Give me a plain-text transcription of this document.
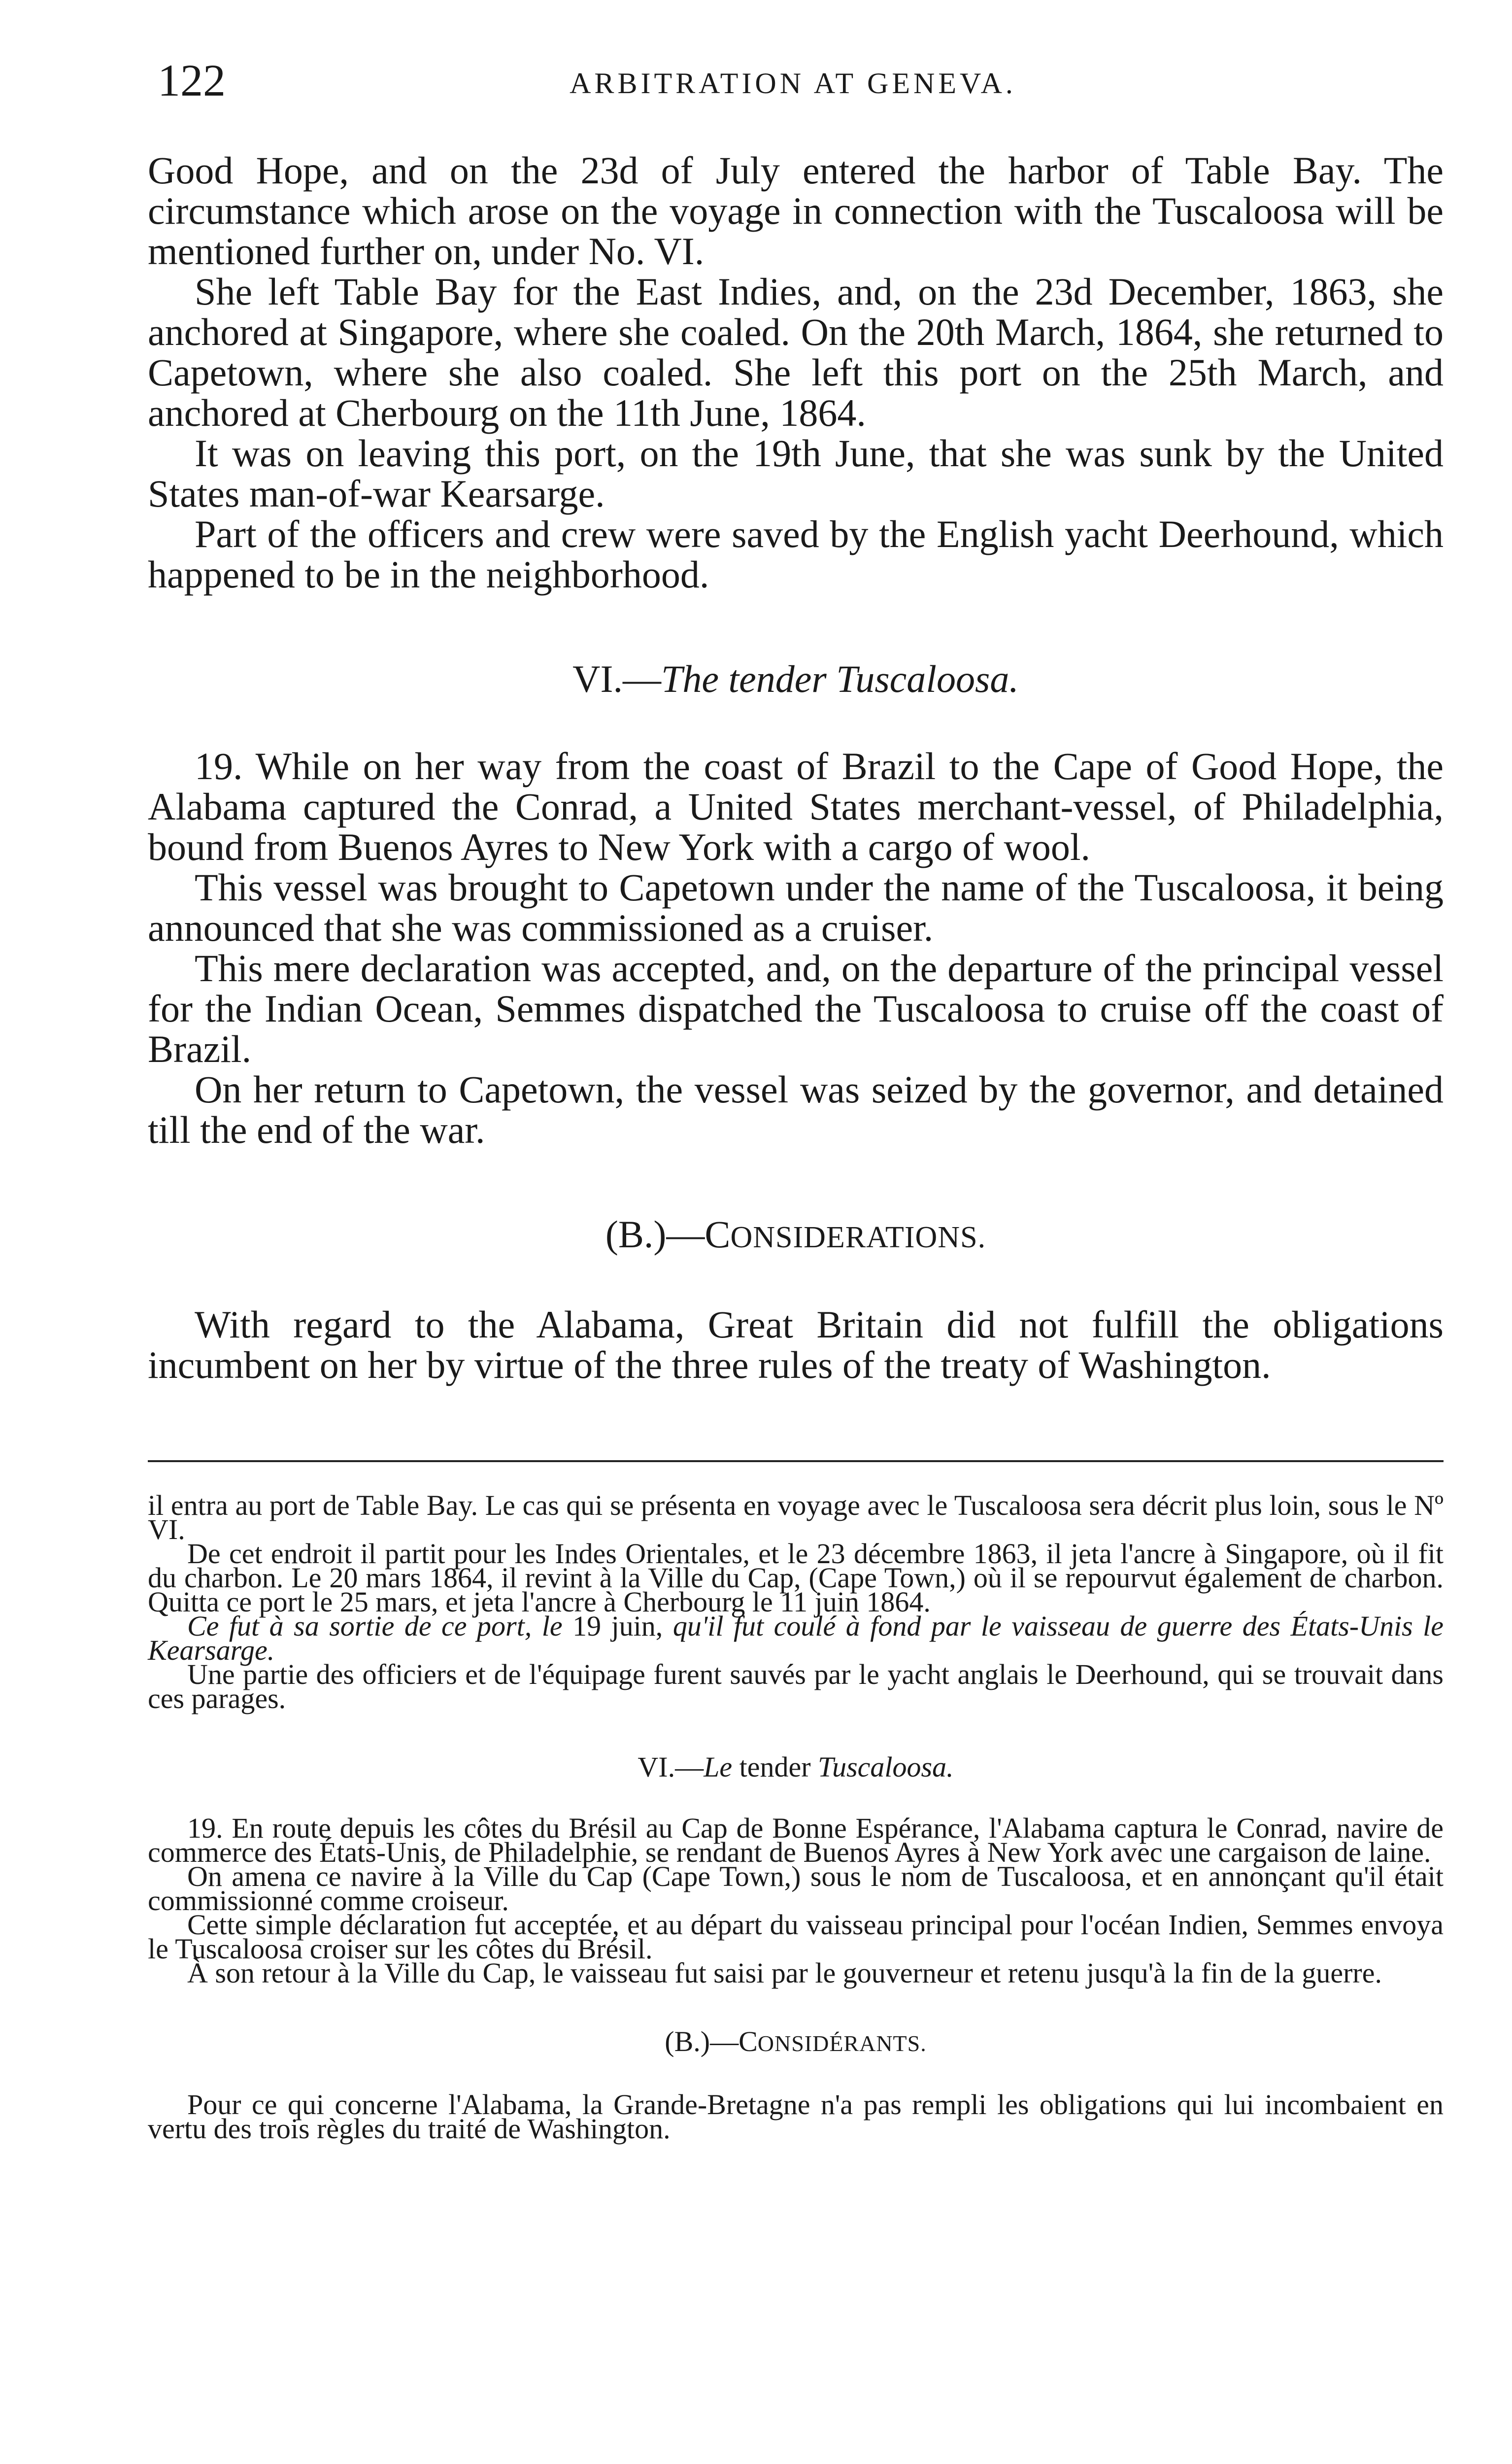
122	ARBITRATION AT GENEVA.

Good Hope, and on the 23d of July entered the harbor of Table Bay. The circumstance which arose on the voyage in connection with the Tuscaloosa will be mentioned further on, under No. VI.

She left Table Bay for the East Indies, and, on the 23d December, 1863, she anchored at Singapore, where she coaled. On the 20th March, 1864, she returned to Capetown, where she also coaled. She left this port on the 25th March, and anchored at Cherbourg on the 11th June, 1864.

It was on leaving this port, on the 19th June, that she was sunk by the United States man-of-war Kearsarge.

Part of the officers and crew were saved by the English yacht Deerhound, which happened to be in the neighborhood.

VI.—The tender Tuscaloosa.

19. While on her way from the coast of Brazil to the Cape of Good Hope, the Alabama captured the Conrad, a United States merchant-vessel, of Philadelphia, bound from Buenos Ayres to New York with a cargo of wool.

This vessel was brought to Capetown under the name of the Tuscaloosa, it being announced that she was commissioned as a cruiser.

This mere declaration was accepted, and, on the departure of the principal vessel for the Indian Ocean, Semmes dispatched the Tuscaloosa to cruise off the coast of Brazil.

On her return to Capetown, the vessel was seized by the governor, and detained till the end of the war.

(B.)—CONSIDERATIONS.

With regard to the Alabama, Great Britain did not fulfill the obligations incumbent on her by virtue of the three rules of the treaty of Washington.

il entra au port de Table Bay. Le cas qui se présenta en voyage avec le Tuscaloosa sera décrit plus loin, sous le Nº VI.

De cet endroit il partit pour les Indes Orientales, et le 23 décembre 1863, il jeta l'ancre à Singapore, où il fit du charbon. Le 20 mars 1864, il revint à la Ville du Cap, (Cape Town,) où il se repourvut également de charbon. Quitta ce port le 25 mars, et jeta l'ancre à Cherbourg le 11 juin 1864.

Ce fut à sa sortie de ce port, le 19 juin, qu'il fut coulé à fond par le vaisseau de guerre des États-Unis le Kearsarge.

Une partie des officiers et de l'équipage furent sauvés par le yacht anglais le Deerhound, qui se trouvait dans ces parages.

VI.—Le tender Tuscaloosa.

19. En route depuis les côtes du Brésil au Cap de Bonne Espérance, l'Alabama captura le Conrad, navire de commerce des États-Unis, de Philadelphie, se rendant de Buenos Ayres à New York avec une cargaison de laine.

On amena ce navire à la Ville du Cap (Cape Town,) sous le nom de Tuscaloosa, et en annonçant qu'il était commissionné comme croiseur.

Cette simple déclaration fut acceptée, et au départ du vaisseau principal pour l'océan Indien, Semmes envoya le Tuscaloosa croiser sur les côtes du Brésil.

À son retour à la Ville du Cap, le vaisseau fut saisi par le gouverneur et retenu jusqu'à la fin de la guerre.

(B.)—CONSIDÉRANTS.

Pour ce qui concerne l'Alabama, la Grande-Bretagne n'a pas rempli les obligations qui lui incombaient en vertu des trois règles du traité de Washington.
